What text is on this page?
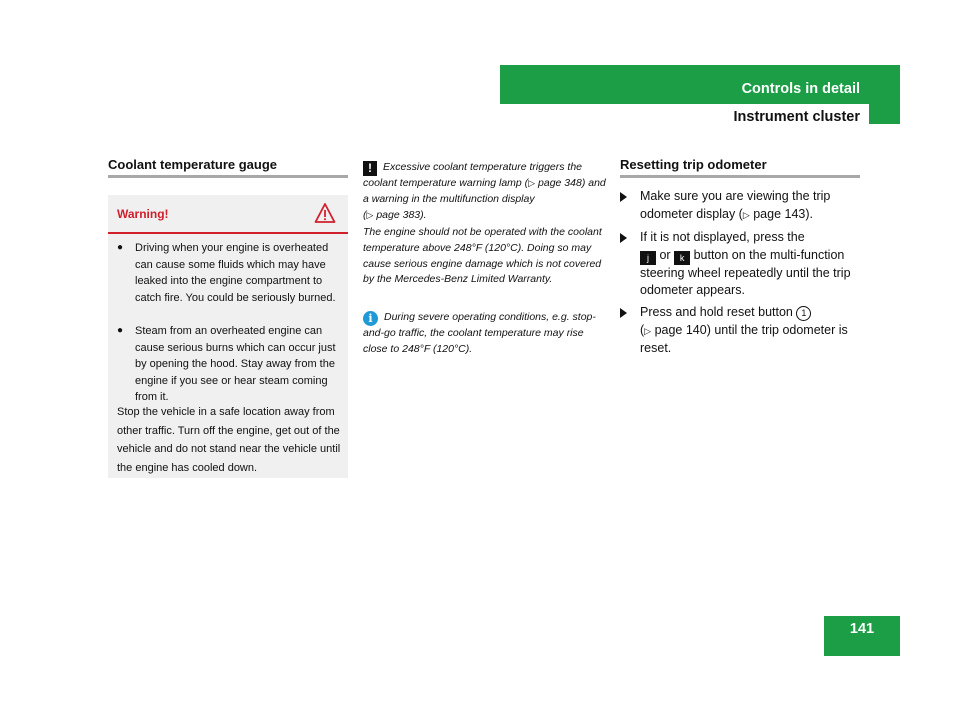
Controls in detail
Instrument cluster
Coolant temperature gauge
Warning!
● Driving when your engine is overheated can cause some fluids which may have leaked into the engine compartment to catch fire. You could be seriously burned.
● Steam from an overheated engine can cause serious burns which can occur just by opening the hood. Stay away from the engine if you see or hear steam coming from it.
Stop the vehicle in a safe location away from other traffic. Turn off the engine, get out of the vehicle and do not stand near the vehicle until the engine has cooled down.
! Excessive coolant temperature triggers the coolant temperature warning lamp (▷ page 348) and a warning in the multifunction display
(▷ page 383).
The engine should not be operated with the coolant temperature above 248°F (120°C). Doing so may cause serious engine damage which is not covered by the Mercedes-Benz Limited Warranty.
i During severe operating conditions, e.g. stop-and-go traffic, the coolant temperature may rise close to 248°F (120°C).
Resetting trip odometer
Make sure you are viewing the trip odometer display (▷ page 143).
If it is not displayed, press the
j or k button on the multi-function steering wheel repeatedly until the trip odometer appears.
Press and hold reset button 1
(▷ page 140) until the trip odometer is reset.
141
